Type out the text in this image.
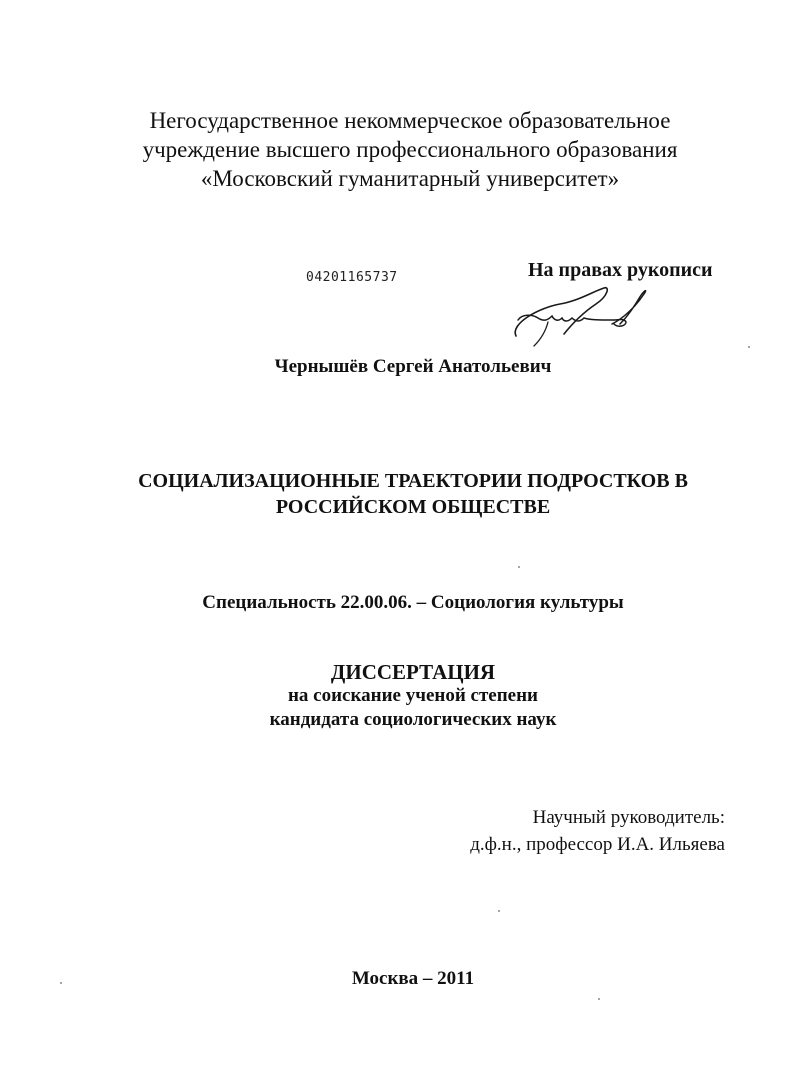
Негосударственное некоммерческое образовательное
учреждение высшего профессионального образования
«Московский гуманитарный университет»
04201165737	На правах рукописи
Чернышёв Сергей Анатольевич
СОЦИАЛИЗАЦИОННЫЕ ТРАЕКТОРИИ ПОДРОСТКОВ В
РОССИЙСКОМ ОБЩЕСТВЕ
Специальность 22.00.06. – Социология культуры
ДИССЕРТАЦИЯ
на соискание ученой степени
кандидата социологических наук
Научный руководитель:
д.ф.н., профессор И.А. Ильяева
Москва – 2011
